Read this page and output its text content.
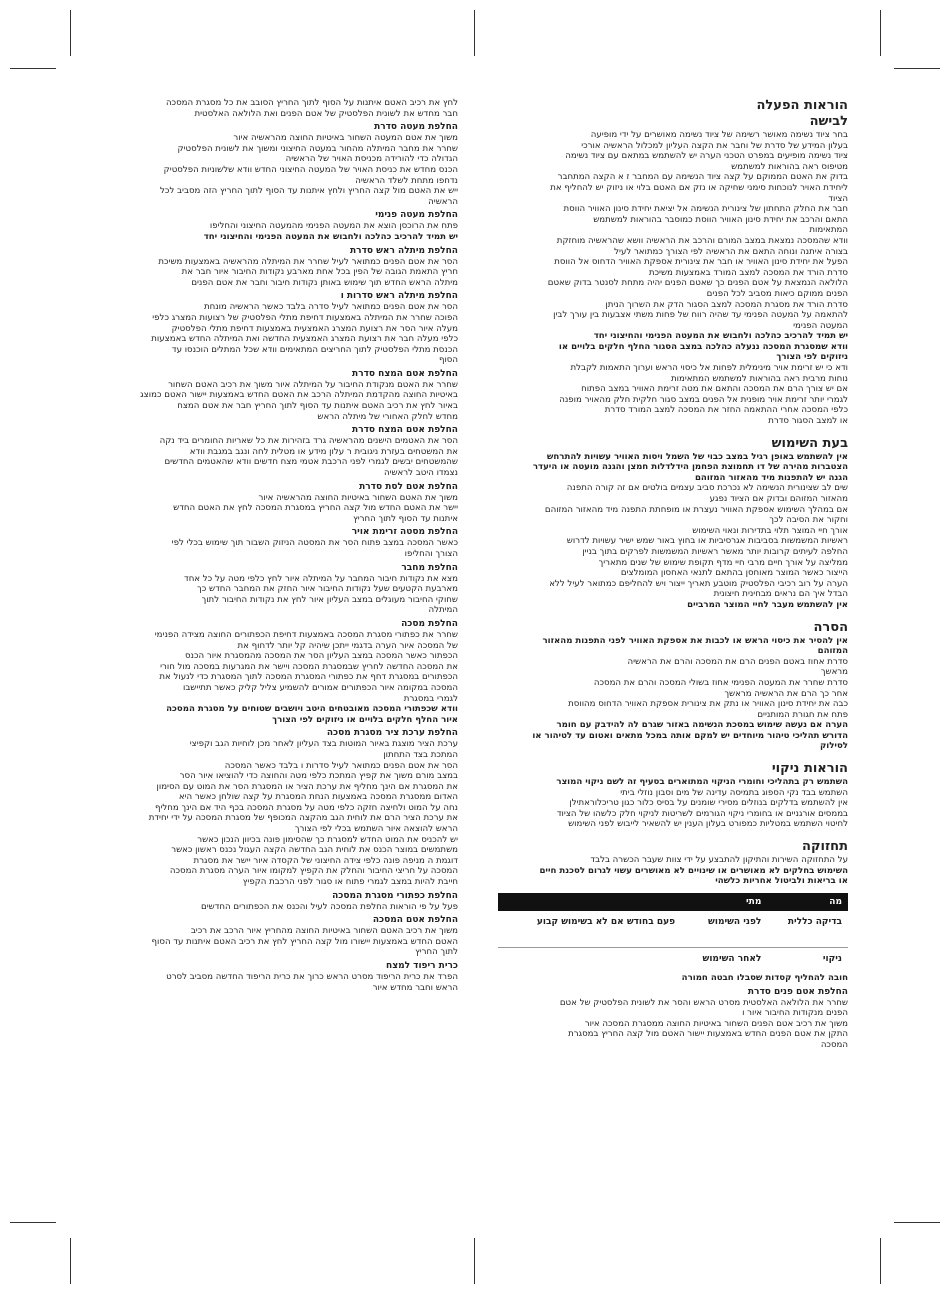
הוראות הפעלה
לבישה
בחר ציוד נשימה מאושר רשימה של ציוד נשימה מאושרים על ידי מופיעה
בעלון המידע של סדרת של וחבר את הקצה העליון למכלול הראשיה אורכי
ציוד נשימה מופיעים במפרט הטכני הערה יש להשתמש במתאם עם ציוד נשימה
מטיפוס ראה בהוראות למשתמש
בדוק את האטם הממוקם על קצה ציוד הנשימה עם המחבר ז א הקצה המתחבר
ליחידת האויר לנוכחות סימני שחיקה או נזק אם האטם בלוי או ניזוק יש להחליף את
הציוד
חבר את החלק התחתון של צינורית הנשימה אל יציאת יחידת סינון האוויר הווסת
התאם והרכב את יחידת סינון האוויר הווסת כמוסבר בהוראות למשתמש
המתאימות
וודא שהמסכה נמצאת במצב המורם והרכב את הראשיה וושא שהראשיה מוחזקת
בצורה איתנה ונוחה התאם את הראשיה לפי הצורך כמתואר לעיל
הפעל את יחידת סינון האוויר או חבר את צינורית אספקת האוויר הדחוס אל הווסת
סדרת הורד את המסכה למצב המורד באמצעות משיכת
הלולאה הנמצאת על אטם הפנים כך שאטם הפנים יהיה מתחת לסנטר בדוק שאטם
הפנים ממוקם כיאות מסביב לכל הפנים
סדרת הורד את מסגרת המסכה למצב הסגור הדק את השרוך הניתן
להתאמה על המעטה הפנימי עד שהיה רווח של פחות משתי אצבעות בין עורך לבין
המעטה הפנימי
יש תמיד להרכיב כהלכה ולחבוש את המעטה הפנימי והחיצוני יחד
וודא שמסגרת המסכה ננעלה כהלכה במצב הסגור החלף חלקים בלויים או
ניזוקים לפי הצורך
ודא כי יש זרימת אויר מינימלית לפחות אל כיסוי הראש וערוך התאמות לקבלת
נוחות מרבית ראה בהוראות למשתמש המתאימות
אם יש צורך הרם את המסכה והתאם את מטה זרימת האוויר במצב הפתוח
לגמרי יותר זרימת אויר מופנית אל הפנים במצב סגור חלקית חלק מהאויר מופנה
כלפי המסכה אחרי ההתאמה החזר את המסכה למצב המורד סדרת
או למצב הסגור סדרת
בעת השימוש
אין להשתמש באופן רגיל במצב כבוי של השמל ויסות האוויר עשויות להתרחש
הצטברות מהירה של דו תחמוצת הפחמן הידלדלות חמצן והגנה מועטה או היעדר
הגנה יש להתפנות מיד מהאזור המזוהם
שים לב שצינורית הנשימה לא נכרכת סביב עצמים בולטים אם זה קורה התפנה
מהאזור המזוהם ובדוק אם הציוד נפגע
אם במהלך השימוש אספקת האוויר נעצרת או מופחתת התפנה מיד מהאזור המזוהם
וחקור את הסיבה לכך
אורך חיי המוצר תלוי בתדירות ונאוי השימוש
ראשיות המשמשות בסביבות אגרסיביות או בחוץ באור שמש ישיר עשויות לדרוש
החלפה לעיתים קרובות יותר מאשר ראשיות המשמשות לפרקים בתוך בניין
ממליצה על אורך חיים מרבי חיי מדף תקופת שימוש של שנים מתאריך
הייצור כאשר המוצר מאוחסן בהתאם לתנאי האחסון המומלצים
הערה על רוב רכיבי הפלסטיק מוטבע תאריך ייצור ויש להחליפם כמתואר לעיל ללא
הבדל איך הם נראים מבחינית חיצונית
אין להשתמש מעבר לחיי המוצר המרביים
הסרה
אין להסיר את כיסוי הראש או לכבות את אספקת האוויר לפני התפנות מהאזור
המזוהם
סדרת אחוז באטם הפנים הרם את המסכה והרם את הראשיה
מראשך
סדרת שחרר את המעטה הפנימי אחוז בשולי המסכה והרם את המסכה
אחר כך הרם את הראשיה מראשך
כבה את יחידת סינון האוויר או נתק את צינורית אספקת האוויר הדחוס מהווסת
פתח את חגורת המותניים
הערה אם נעשה שימוש במסכת הנשימה באזור שגרם לה להידבק עם חומר
הדורש תהליכי טיהור מיוחדים יש למקם אותה במכל מתאים ואטום עד לטיהור או
לסילוק
הוראות ניקוי
השתמש רק בתהליכי וחומרי הניקוי המתוארים בסעיף זה לשם ניקוי המוצר
השתמש בבד נקי הספוג בתמיסה עדינה של מים וסבון נוזלי ביתי
אין להשתמש בדלקים בנוזלים מסירי שומנים על בסיס כלור כגון טריכלוראתילן
בממסים אורגניים או בחומרי ניקוי הגורמים לשריטות לניקוי חלק כלשהו של הציוד
לחיטוי השתמש במטליות כמפורט בעלון הענין יש להשאיר לייבוש לפני השימוש
תחזוקה
על התחזוקה השירות והתיקון להתבצע על ידי צוות שעבר הכשרה בלבד
השימוש בחלקים לא מאושרים או שינויים לא מאושרים עשוי לגרום לסכנת חיים
או בריאות ולביטול אחריות כלשהי
מה	מתי	
בדיקה כללית	לפני השימוש	פעם בחודש אם לא בשימוש קבוע

ניקוי	לאחר השימוש	
חובה להחליף קסדות שסבלו חבטה חמורה
החלפת אטם פנים סדרת
שחרר את הלולאה האלסטית מסרט הראש והסר את לשונית הפלסטיק של אטם
הפנים מנקודות החיבור איור ו
משוך את רכיב אטם הפנים השחור באיטיות החוצה ממסגרת המסכה איור
התקן את אטם הפנים החדש באמצעות יישור האטם מול קצה החריץ במסגרת
המסכה
לחץ את רכיב האטם איתנות על הסוף לתוך החריץ הסובב את כל מסגרת המסכה
חבר מחדש את לשונית הפלסטיק של אטם הפנים ואת הלולאה האלסטית
החלפת מעטה סדרת
משוך את אטם המעטה השחור באיטיות החוצה מהראשיה איור
שחרר את מחבר המיתלה מהחור במעטה החיצוני ומשוך את לשונית הפלסטיק
הגדולה כדי להורידה מכניסת האויר של הראשיה
הכנס מחדש את כניסת האויר של המעטה החיצוני החדש וודא שלשוניות הפלסטיק
נדחפו מתחת לשלד הראשיה
ייש את האטם מול קצה החריץ ולחץ איתנות עד הסוף לתוך החריץ הזה מסביב לכל
הראשיה
החלפת מעטה פנימי
פתח את הרוכסן הוצא את המעטה הפנימי מהמעטה החיצוני והחליפו
יש תמיד להרכיב כהלכה ולחבוש את המעטה הפנימי והחיצוני יחד
החלפת מיתלה ראש סדרת
הסר את אטם הפנים כמתואר לעיל שחרר את המיתלה מהראשיה באמצעות משיכת
חריץ התאמת הגובה של הפין בכל אחת מארבע נקודות החיבור איור חבר את
מיתלה הראש החדש תוך שימוש באותן נקודות חיבור וחבר את אטם הפנים
החלפת מיתלה ראש סדרות ו
הסר את אטם הפנים כמתואר לעיל סדרה בלבד כאשר הראשיה מונחת
הפוכה שחרר את המיתלה באמצעות דחיפת מתלי הפלסטיק של רצועות המצרג כלפי
מעלה איור הסר את רצועת המצרג האמצעית באמצעות דחיפת מתלי הפלסטיק
כלפי מעלה חבר את רצועת המצרג האמצעית החדשה ואת המיתלה החדש באמצעות
הכנסת מתלי הפלסטיק לתוך החריצים המתאימים וודא שכל המתלים הוכנסו עד
הסוף
החלפת אטם המצח סדרת
שחרר את האטם מנקודת החיבור על המיתלה איור משוך את רכיב האטם השחור
באיטיות החוצה מהקדמת המיתלה הרכב את האטם החדש באמצעות יישור האטם כמוצג
באיור לחץ את רכיב האטם איתנות עד הסוף לתוך החריץ חבר את אטם המצח
מחדש לחלק האחורי של מיתלה הראש
החלפת אטם המצח סדרת
הסר את האטמים הישנים מהראשיה גרד בזהירות את כל שאריות החומרים ביד נקה
את המשטחים בעזרת ניגובית ר עלון מידע או מטלית לחה ונגב במגבת וודא
שהמשטחים יבשים לגמרי לפני הרכבת אטמי מצח חדשים וודא שהאטמים החדשים
נצמדו היטב לראשיה
החלפת אטם לסת סדרת
משוך את האטם השחור באיטיות החוצה מהראשיה איור
יישר את האטם החדש מול קצה החריץ במסגרת המסכה לחץ את האטם החדש
איתנות עד הסוף לתוך החריץ
החלפת מסטה זרימת אויר
כאשר המסכה במצב פתוח הסר את המסטה הניזוק השבור תוך שימוש בכלי לפי
הצורך והחליפו
החלפת מחבר
מצא את נקודות חיבור המחבר על המיתלה איור לחץ כלפי מטה על כל אחד
מארבעת הקטעים שעל נקודות החיבור איור החזק את המחבר החדש כך
שחוקי החיבור מעוגלים במצב העליון איור לחץ את נקודות החיבור לתוך
המיתלה
החלפת מסכה
שחרר את כפתורי מסגרת המסכה באמצעות דחיפת הכפתורים החוצה מצידה הפנימי
של המסכה איור הערה בדגמי ייתכן שיהיה קל יותר לדחוף את
הכפתור כאשר המסכה במצב העליון הסר את המסכה מהמסגרת איור הכנס
את המסכה החדשה לחריץ שבמסגרת המסכה ויישר את המגרעות במסכה מול חורי
הכפתורים במסגרת דחף את כפתורי המסגרת המסכה לתוך המסגרת כדי לנעול את
המסכה במקומה איור הכפתורים אמורים להשמיע צליל קליק כאשר תתיישבו
לגמרי במסגרת
וודא שכפתורי המסכה מאובטחים היטב ויושבים שטוחים על מסגרת המסכה
איור החלף חלקים בלויים או ניזוקים לפי הצורך
החלפת ערכת ציר מסגרת מסכה
ערכת הציר מוצגת באיור המוטות בצד העליון לאחר מכן לוחיות הגב וקפיצי
המתכת בצד התחתון
הסר את אטם הפנים כמתואר לעיל סדרות ו בלבד כאשר המסכה
במצב מורם משוך את קפיץ המתכת כלפי מטה והחוצה כדי להוציאו איור הסר
את המסגרת אם הינך מחליף את ערכת הציר או המסגרת הסר את המוט עם הסימון
האדום ממסגרת המסכה באמצעות הנחת המסגרת על קצה שולחן כאשר היא
נחה על המוט ולחיצה חזקה כלפי מטה על מסגרת המסכה בכף היד אם הינך מחליף
את ערכת הציר הרם את לוחית הגב מהקצה המכופף של מסגרת המסכה על ידי יחידת
הראש להוצאה איור השתמש בכלי לפי הצורך
יש להכניס את המוט החדש למסגרת כך שהסימון פונה בכיוון הנכון כאשר
משתמשים במוצר הכנס את לוחית הגב החדשה הקצה העגול נכנס ראשון כאשר
דוגמת ה מניפה פונה כלפי צידה החיצוני של הקסדה איור יישר את מסגרת
המסכה על חריצי החיבור והחלק את הקפיץ למקומו איור הערה מסגרת המסכה
חייבת להיות במצב לגמרי פתוח או סגור לפני הרכבת הקפיץ
החלפת כפתורי מסגרת המסכה
פעל על פי הוראות החלפת המסכה לעיל והכנס את הכפתורים החדשים
החלפת אטם המסכה
משוך את רכיב האטם השחור באיטיות החוצה מהחריץ איור הרכב את רכיב
האטם החדש באמצעות יישורו מול קצה החריץ לחץ את רכיב האטם איתנות עד הסוף
לתוך החריץ
כרית ריפוד למצח
הפרד את כרית הריפוד מסרט הראש כרוך את כרית הריפוד החדשה מסביב לסרט
הראש וחבר מחדש איור
